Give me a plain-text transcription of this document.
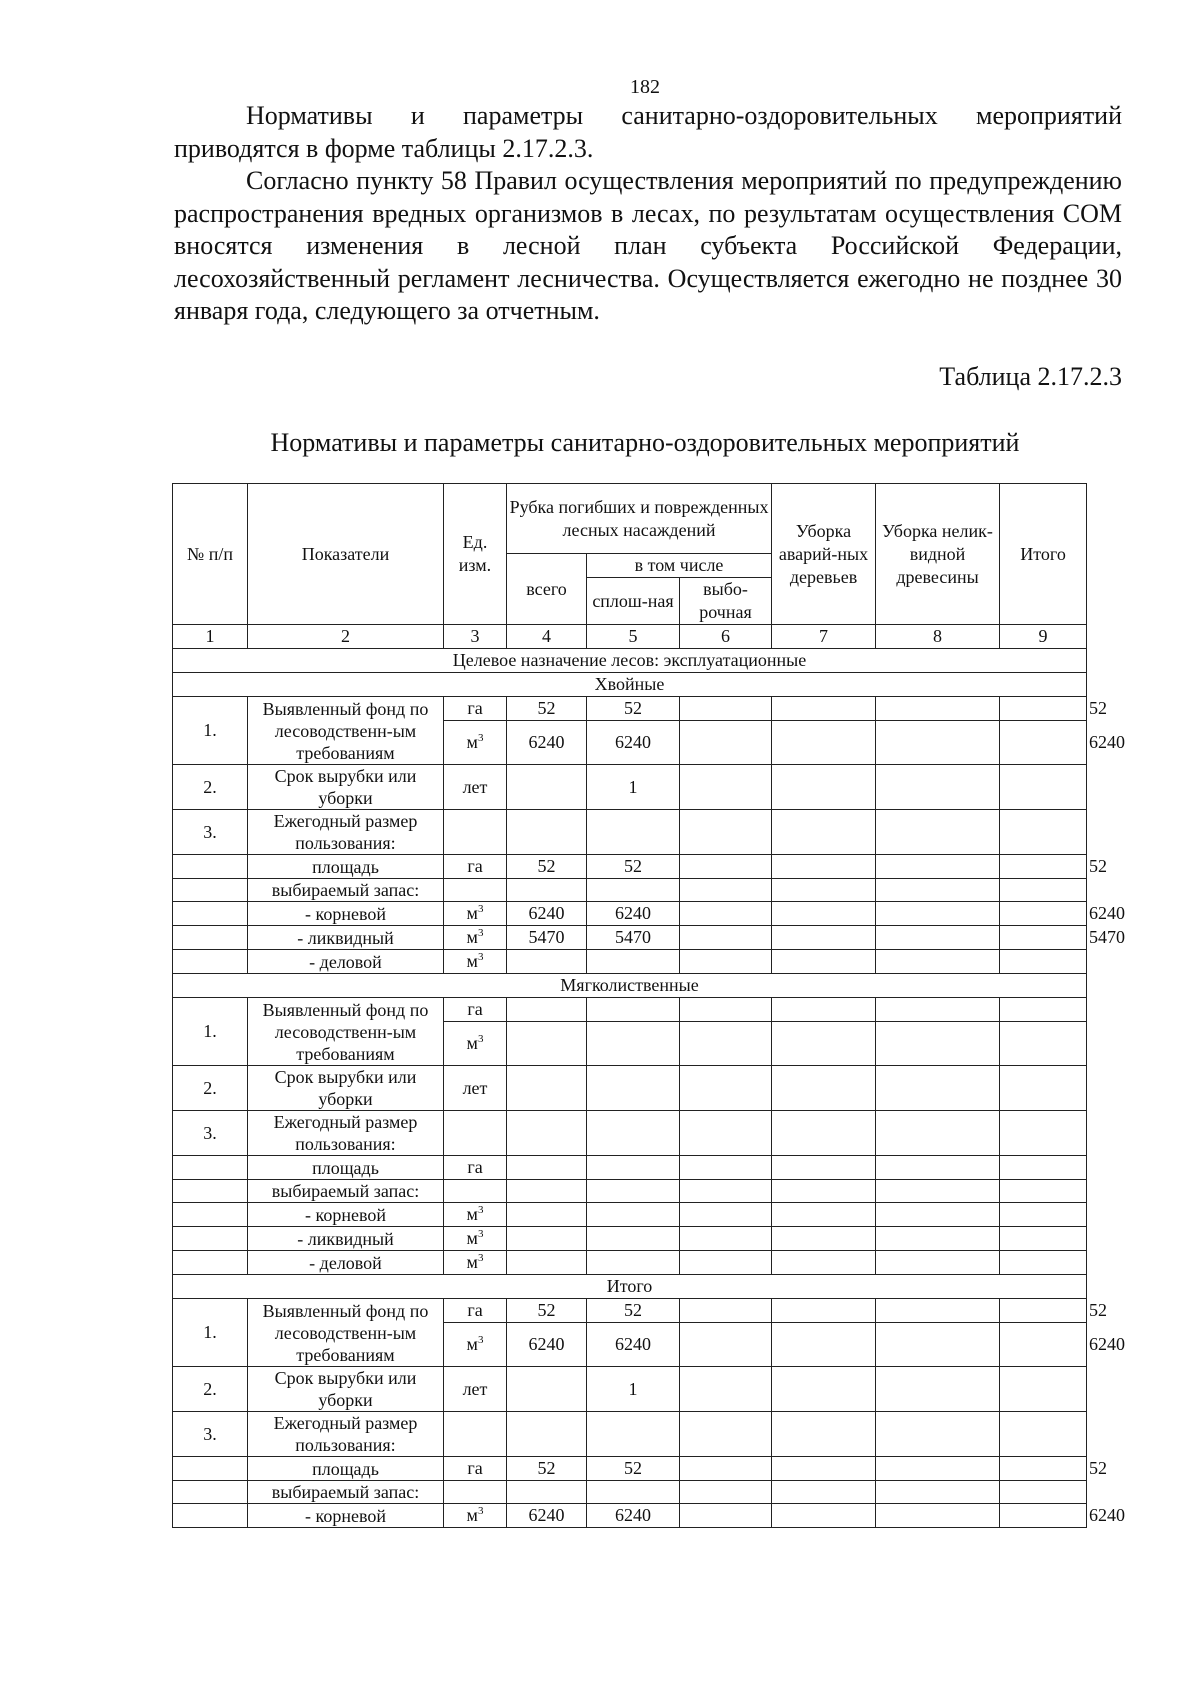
182

Нормативы и параметры санитарно-оздоровительных мероприятий приводятся в форме таблицы 2.17.2.3.

Согласно пункту 58 Правил осуществления мероприятий по предупреждению распространения вредных организмов в лесах, по результатам осуществления СОМ вносятся изменения в лесной план субъекта Российской Федерации, лесохозяйственный регламент лесничества. Осуществляется ежегодно не позднее 30 января года, следующего за отчетным.

Таблица 2.17.2.3
Нормативы и параметры санитарно-оздоровительных мероприятий
№ п/п	Показатели	Ед. изм.	Рубка погибших и поврежденных лесных насаждений			Уборка аварий-ных деревьев	Уборка нелик-видной древесины	Итого	
			всего	в том числе					
				сплош-ная	выбо-рочная				
1	2	3	4	5	6	7	8	9	
Целевое назначение лесов: эксплуатационные									
Хвойные									
1.	Выявленный фонд по лесоводственн-ым требованиям	га	52	52					52
		$м^3$	6240	6240					6240
2.	Срок вырубки или уборки	лет		1					
3.	Ежегодный размер пользования:								
	площадь	га	52	52					52
	выбираемый запас:								
	- корневой	$м^3$	6240	6240					6240
	- ликвидный	$м^3$	5470	5470					5470
	- деловой	$м^3$							
Мягколиственные									
1.	Выявленный фонд по лесоводственн-ым требованиям	га							
		$м^3$							
2.	Срок вырубки или уборки	лет							
3.	Ежегодный размер пользования:								
	площадь	га							
	выбираемый запас:								
	- корневой	$м^3$							
	- ликвидный	$м^3$							
	- деловой	$м^3$							
Итого									
1.	Выявленный фонд по лесоводственн-ым требованиям	га	52	52					52
		$м^3$	6240	6240					6240
2.	Срок вырубки или уборки	лет		1					
3.	Ежегодный размер пользования:								
	площадь	га	52	52					52
	выбираемый запас:								
	- корневой	$м^3$	6240	6240					6240
